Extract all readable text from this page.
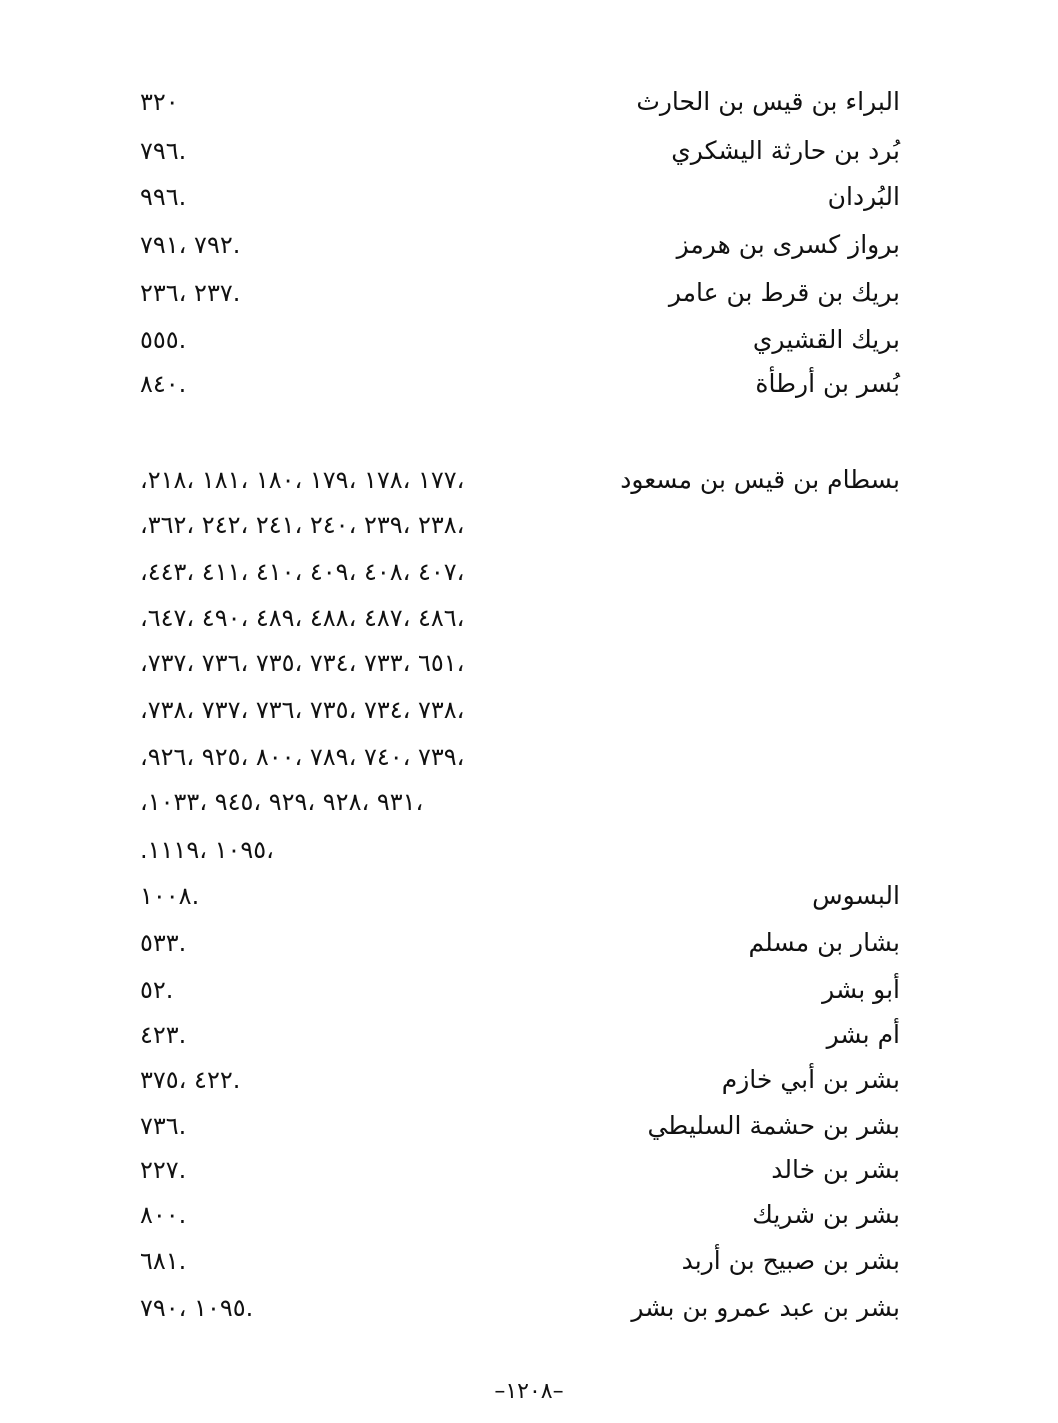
البراء بن قيس بن الحارث
٣٢٠
بُرد بن حارثة اليشكري
.٧٩٦
البُردان
.٩٩٦
برواز كسرى بن هرمز
.٧٩٢ ،٧٩١
بريك بن قرط بن عامر
.٢٣٧ ،٢٣٦
بريك القشيري
.٥٥٥
بُسر بن أرطأة
.٨٤٠
بسطام بن قيس بن مسعود
،١٧٧ ،١٧٨ ،١٧٩ ،١٨٠ ،١٨١ ،٢١٨،
،٢٣٨ ،٢٣٩ ،٢٤٠ ،٢٤١ ،٢٤٢ ،٣٦٢،
،٤٠٧ ،٤٠٨ ،٤٠٩ ،٤١٠ ،٤١١ ،٤٤٣،
،٤٨٦ ،٤٨٧ ،٤٨٨ ،٤٨٩ ،٤٩٠ ،٦٤٧،
،٦٥١ ،٧٣٣ ،٧٣٤ ،٧٣٥ ،٧٣٦ ،٧٣٧،
،٧٣٨ ،٧٣٤ ،٧٣٥ ،٧٣٦ ،٧٣٧ ،٧٣٨،
،٧٣٩ ،٧٤٠ ،٧٨٩ ،٨٠٠ ،٩٢٥ ،٩٢٦،
،٩٣١ ،٩٢٨ ،٩٢٩ ،٩٤٥ ،١٠٣٣،
،١٠٩٥ ،١١١٩.
البسوس
.١٠٠٨
بشار بن مسلم
.٥٣٣
أبو بشر
.٥٢
أم بشر
.٤٢٣
بشر بن أبي خازم
.٤٢٢ ،٣٧٥
بشر بن حشمة السليطي
.٧٣٦
بشر بن خالد
.٢٢٧
بشر بن شريك
.٨٠٠
بشر بن صبيح بن أربد
.٦٨١
بشر بن عبد عمرو بن بشر
.١٠٩٥ ،٧٩٠
–١٢٠٨–
